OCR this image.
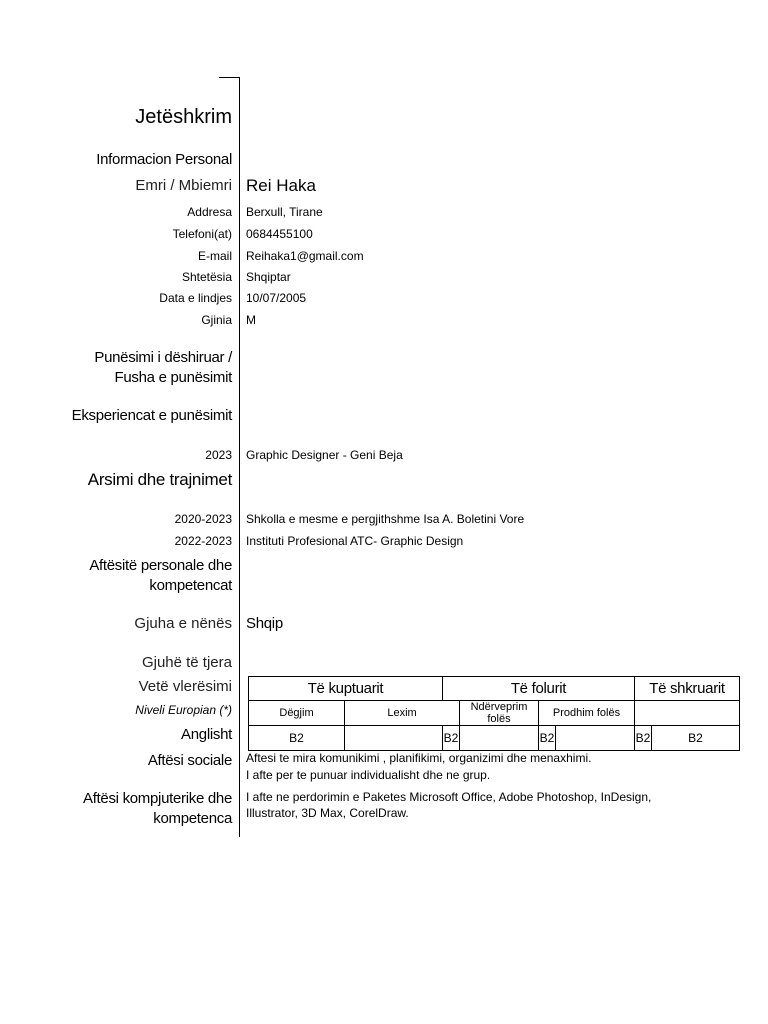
Jetëshkrim
Informacion Personal
Emri / Mbiemri Rei Haka
Addresa Berxull, Tirane
Telefoni(at) 0684455100
E-mail Reihaka1@gmail.com
Shtetësia Shqiptar
Data e lindjes 10/07/2005
Gjinia M
Punësimi i dëshiruar /
Fusha e punësimit
Eksperiencat e punësimit
2023 Graphic Designer - Geni Beja
Arsimi dhe trajnimet
2020-2023 Shkolla e mesme e pergjithshme Isa A. Boletini Vore
2022-2023 Instituti Profesional ATC- Graphic Design
Aftësitë personale dhe
kompetencat
Gjuha e nënës Shqip
Gjuhë të tjera
Vetë vlerësimi
Niveli Europian (*)
Anglisht
Të kuptuarit		Të folurit				Të shkruarit	
Dëgjim	Lexim		Ndërveprim folës	Prodhim folës			
B2		B2		B2		B2	B2
Aftësi sociale Aftesi te mira komunikimi , planifikimi, organizimi dhe menaxhimi.
I afte per te punuar individualisht dhe ne grup.
Aftësi kompjuterike dhe
kompetenca
I afte ne perdorimin e Paketes Microsoft Office, Adobe Photoshop, InDesign,
Illustrator, 3D Max, CorelDraw.
